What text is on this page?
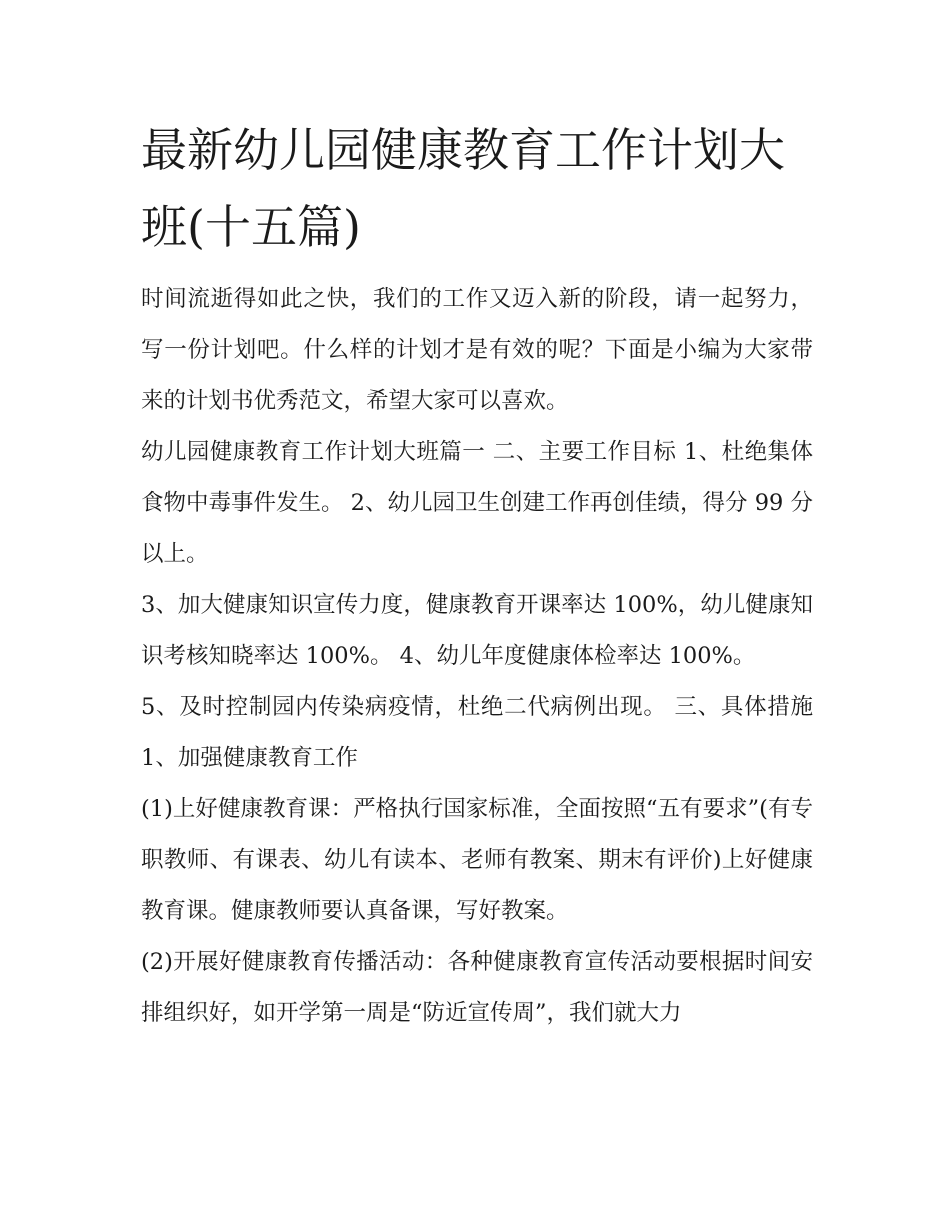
最新幼儿园健康教育工作计划大班(十五篇)

时间流逝得如此之快，我们的工作又迈入新的阶段，请一起努力，写一份计划吧。什么样的计划才是有效的呢？下面是小编为大家带来的计划书优秀范文，希望大家可以喜欢。

幼儿园健康教育工作计划大班篇一 二、主要工作目标 1、杜绝集体食物中毒事件发生。 2、幼儿园卫生创建工作再创佳绩，得分 99 分以上。

3、加大健康知识宣传力度，健康教育开课率达 100%，幼儿健康知识考核知晓率达 100%。 4、幼儿年度健康体检率达 100%。

5、及时控制园内传染病疫情，杜绝二代病例出现。 三、具体措施 1、加强健康教育工作

(1)上好健康教育课：严格执行国家标准，全面按照“五有要求”(有专职教师、有课表、幼儿有读本、老师有教案、期末有评价)上好健康教育课。健康教师要认真备课，写好教案。

(2)开展好健康教育传播活动：各种健康教育宣传活动要根据时间安排组织好，如开学第一周是“防近宣传周”，我们就大力
